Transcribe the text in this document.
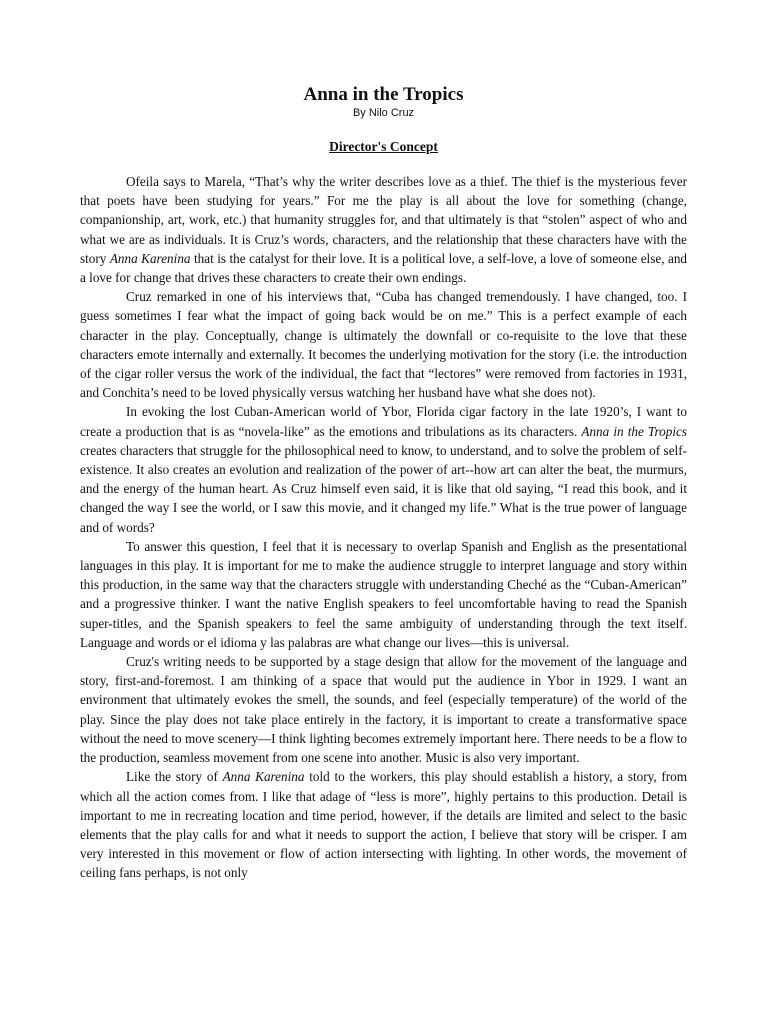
Anna in the Tropics

By Nilo Cruz

Director's Concept

Ofeila says to Marela, “That’s why the writer describes love as a thief. The thief is the mysterious fever that poets have been studying for years.” For me the play is all about the love for something (change, companionship, art, work, etc.) that humanity struggles for, and that ultimately is that “stolen” aspect of who and what we are as individuals. It is Cruz’s words, characters, and the relationship that these characters have with the story Anna Karenina that is the catalyst for their love. It is a political love, a self-love, a love of someone else, and a love for change that drives these characters to create their own endings.

Cruz remarked in one of his interviews that, “Cuba has changed tremendously. I have changed, too. I guess sometimes I fear what the impact of going back would be on me.” This is a perfect example of each character in the play. Conceptually, change is ultimately the downfall or co-requisite to the love that these characters emote internally and externally. It becomes the underlying motivation for the story (i.e. the introduction of the cigar roller versus the work of the individual, the fact that “lectores” were removed from factories in 1931, and Conchita’s need to be loved physically versus watching her husband have what she does not).

In evoking the lost Cuban-American world of Ybor, Florida cigar factory in the late 1920’s, I want to create a production that is as “novela-like” as the emotions and tribulations as its characters. Anna in the Tropics creates characters that struggle for the philosophical need to know, to understand, and to solve the problem of self-existence. It also creates an evolution and realization of the power of art--how art can alter the beat, the murmurs, and the energy of the human heart. As Cruz himself even said, it is like that old saying, “I read this book, and it changed the way I see the world, or I saw this movie, and it changed my life.” What is the true power of language and of words?

To answer this question, I feel that it is necessary to overlap Spanish and English as the presentational languages in this play. It is important for me to make the audience struggle to interpret language and story within this production, in the same way that the characters struggle with understanding Cheché as the “Cuban-American” and a progressive thinker. I want the native English speakers to feel uncomfortable having to read the Spanish super-titles, and the Spanish speakers to feel the same ambiguity of understanding through the text itself. Language and words or el idioma y las palabras are what change our lives—this is universal.

Cruz's writing needs to be supported by a stage design that allow for the movement of the language and story, first-and-foremost. I am thinking of a space that would put the audience in Ybor in 1929. I want an environment that ultimately evokes the smell, the sounds, and feel (especially temperature) of the world of the play. Since the play does not take place entirely in the factory, it is important to create a transformative space without the need to move scenery—I think lighting becomes extremely important here. There needs to be a flow to the production, seamless movement from one scene into another. Music is also very important.

Like the story of Anna Karenina told to the workers, this play should establish a history, a story, from which all the action comes from. I like that adage of “less is more”, highly pertains to this production. Detail is important to me in recreating location and time period, however, if the details are limited and select to the basic elements that the play calls for and what it needs to support the action, I believe that story will be crisper. I am very interested in this movement or flow of action intersecting with lighting. In other words, the movement of ceiling fans perhaps, is not only
